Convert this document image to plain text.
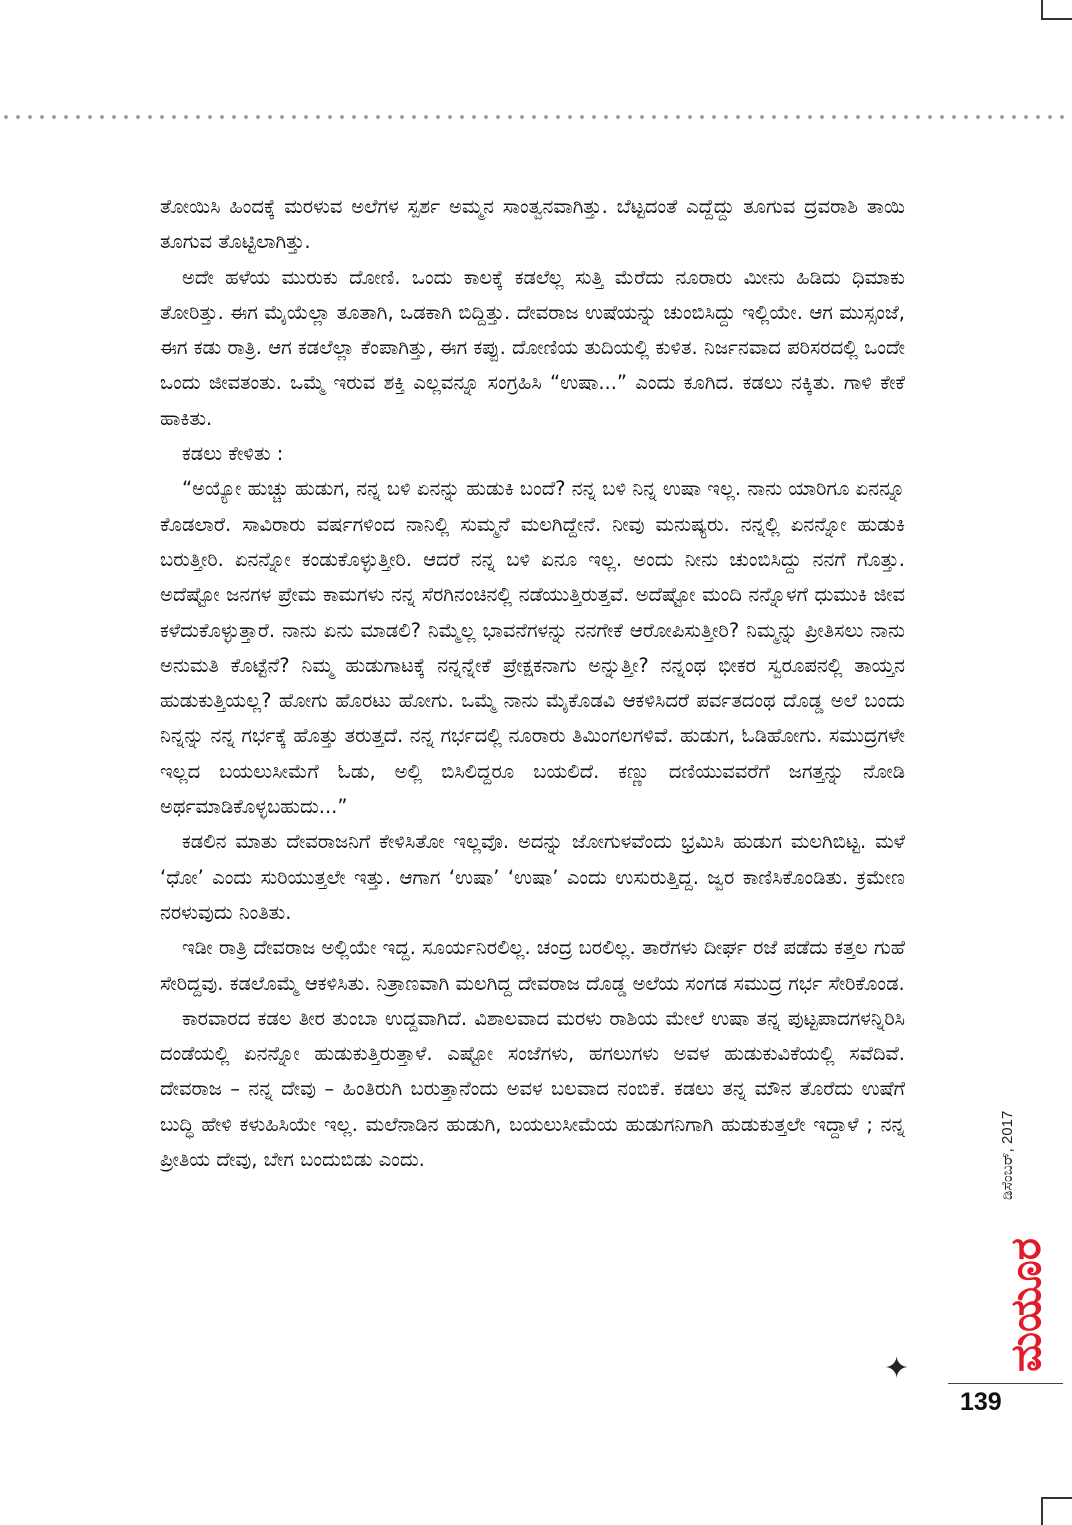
ತೋಯಿಸಿ ಹಿಂದಕ್ಕೆ ಮರಳುವ ಅಲೆಗಳ ಸ್ಪರ್ಶ ಅಮ್ಮನ ಸಾಂತ್ವನವಾಗಿತ್ತು. ಬೆಟ್ಟದಂತೆ ಎದ್ದೆದ್ದು ತೂಗುವ ದ್ರವರಾಶಿ ತಾಯಿ ತೂಗುವ ತೊಟ್ಟಿಲಾಗಿತ್ತು.

ಅದೇ ಹಳೆಯ ಮುರುಕು ದೋಣಿ. ಒಂದು ಕಾಲಕ್ಕೆ ಕಡಲೆಲ್ಲ ಸುತ್ತಿ ಮೆರೆದು ನೂರಾರು ಮೀನು ಹಿಡಿದು ಧಿಮಾಕು ತೋರಿತ್ತು. ಈಗ ಮೈಯೆಲ್ಲಾ ತೂತಾಗಿ, ಒಡಕಾಗಿ ಬಿದ್ದಿತ್ತು. ದೇವರಾಜ ಉಷೆಯನ್ನು ಚುಂಬಿಸಿದ್ದು ಇಲ್ಲಿಯೇ. ಆಗ ಮುಸ್ಸಂಜೆ, ಈಗ ಕಡು ರಾತ್ರಿ. ಆಗ ಕಡಲೆಲ್ಲಾ ಕೆಂಪಾಗಿತ್ತು, ಈಗ ಕಪ್ಪು. ದೋಣಿಯ ತುದಿಯಲ್ಲಿ ಕುಳಿತ. ನಿರ್ಜನವಾದ ಪರಿಸರದಲ್ಲಿ ಒಂದೇ ಒಂದು ಜೀವತಂತು. ಒಮ್ಮೆ ಇರುವ ಶಕ್ತಿ ಎಲ್ಲವನ್ನೂ ಸಂಗ್ರಹಿಸಿ “ಉಷಾ...” ಎಂದು ಕೂಗಿದ. ಕಡಲು ನಕ್ಕಿತು. ಗಾಳಿ ಕೇಕೆ ಹಾಕಿತು.

ಕಡಲು ಕೇಳಿತು :

“ಅಯ್ಯೋ ಹುಚ್ಚು ಹುಡುಗ, ನನ್ನ ಬಳಿ ಏನನ್ನು ಹುಡುಕಿ ಬಂದೆ? ನನ್ನ ಬಳಿ ನಿನ್ನ ಉಷಾ ಇಲ್ಲ. ನಾನು ಯಾರಿಗೂ ಏನನ್ನೂ ಕೊಡಲಾರೆ. ಸಾವಿರಾರು ವರ್ಷಗಳಿಂದ ನಾನಿಲ್ಲಿ ಸುಮ್ಮನೆ ಮಲಗಿದ್ದೇನೆ. ನೀವು ಮನುಷ್ಯರು. ನನ್ನಲ್ಲಿ ಏನನ್ನೋ ಹುಡುಕಿ ಬರುತ್ತೀರಿ. ಏನನ್ನೋ ಕಂಡುಕೊಳ್ಳುತ್ತೀರಿ. ಆದರೆ ನನ್ನ ಬಳಿ ಏನೂ ಇಲ್ಲ. ಅಂದು ನೀನು ಚುಂಬಿಸಿದ್ದು ನನಗೆ ಗೊತ್ತು. ಅದೆಷ್ಟೋ ಜನಗಳ ಪ್ರೇಮ ಕಾಮಗಳು ನನ್ನ ಸೆರಗಿನಂಚಿನಲ್ಲಿ ನಡೆಯುತ್ತಿರುತ್ತವೆ. ಅದೆಷ್ಟೋ ಮಂದಿ ನನ್ನೊಳಗೆ ಧುಮುಕಿ ಜೀವ ಕಳೆದುಕೊಳ್ಳುತ್ತಾರೆ. ನಾನು ಏನು ಮಾಡಲಿ? ನಿಮ್ಮೆಲ್ಲ ಭಾವನೆಗಳನ್ನು ನನಗೇಕೆ ಆರೋಪಿಸುತ್ತೀರಿ? ನಿಮ್ಮನ್ನು ಪ್ರೀತಿಸಲು ನಾನು ಅನುಮತಿ ಕೊಟ್ಟೆನೆ? ನಿಮ್ಮ ಹುಡುಗಾಟಕ್ಕೆ ನನ್ನನ್ನೇಕೆ ಪ್ರೇಕ್ಷಕನಾಗು ಅನ್ನುತ್ತೀ? ನನ್ನಂಥ ಭೀಕರ ಸ್ವರೂಪನಲ್ಲಿ ತಾಯ್ತನ ಹುಡುಕುತ್ತಿಯಲ್ಲ? ಹೋಗು ಹೊರಟು ಹೋಗು. ಒಮ್ಮೆ ನಾನು ಮೈಕೊಡವಿ ಆಕಳಿಸಿದರೆ ಪರ್ವತದಂಥ ದೊಡ್ಡ ಅಲೆ ಬಂದು ನಿನ್ನನ್ನು ನನ್ನ ಗರ್ಭಕ್ಕೆ ಹೊತ್ತು ತರುತ್ತದೆ. ನನ್ನ ಗರ್ಭದಲ್ಲಿ ನೂರಾರು ತಿಮಿಂಗಲಗಳಿವೆ. ಹುಡುಗ, ಓಡಿಹೋಗು. ಸಮುದ್ರಗಳೇ ಇಲ್ಲದ ಬಯಲುಸೀಮೆಗೆ ಓಡು, ಅಲ್ಲಿ ಬಿಸಿಲಿದ್ದರೂ ಬಯಲಿದೆ. ಕಣ್ಣು ದಣಿಯುವವರೆಗೆ ಜಗತ್ತನ್ನು ನೋಡಿ ಅರ್ಥಮಾಡಿಕೊಳ್ಳಬಹುದು...”

ಕಡಲಿನ ಮಾತು ದೇವರಾಜನಿಗೆ ಕೇಳಿಸಿತೋ ಇಲ್ಲವೊ. ಅದನ್ನು ಜೋಗುಳವೆಂದು ಭ್ರಮಿಸಿ ಹುಡುಗ ಮಲಗಿಬಿಟ್ಟ. ಮಳೆ ‘ಧೋ’ ಎಂದು ಸುರಿಯುತ್ತಲೇ ಇತ್ತು. ಆಗಾಗ ‘ಉಷಾ’ ‘ಉಷಾ’ ಎಂದು ಉಸುರುತ್ತಿದ್ದ. ಜ್ವರ ಕಾಣಿಸಿಕೊಂಡಿತು. ಕ್ರಮೇಣ ನರಳುವುದು ನಿಂತಿತು.

ಇಡೀ ರಾತ್ರಿ ದೇವರಾಜ ಅಲ್ಲಿಯೇ ಇದ್ದ. ಸೂರ್ಯನಿರಲಿಲ್ಲ. ಚಂದ್ರ ಬರಲಿಲ್ಲ. ತಾರೆಗಳು ದೀರ್ಘ ರಜೆ ಪಡೆದು ಕತ್ತಲ ಗುಹೆ ಸೇರಿದ್ದವು. ಕಡಲೊಮ್ಮೆ ಆಕಳಿಸಿತು. ನಿತ್ರಾಣವಾಗಿ ಮಲಗಿದ್ದ ದೇವರಾಜ ದೊಡ್ಡ ಅಲೆಯ ಸಂಗಡ ಸಮುದ್ರ ಗರ್ಭ ಸೇರಿಕೊಂಡ.

ಕಾರವಾರದ ಕಡಲ ತೀರ ತುಂಬಾ ಉದ್ದವಾಗಿದೆ. ವಿಶಾಲವಾದ ಮರಳು ರಾಶಿಯ ಮೇಲೆ ಉಷಾ ತನ್ನ ಪುಟ್ಟಪಾದಗಳನ್ನಿರಿಸಿ ದಂಡೆಯಲ್ಲಿ ಏನನ್ನೋ ಹುಡುಕುತ್ತಿರುತ್ತಾಳೆ. ಎಷ್ಟೋ ಸಂಜೆಗಳು, ಹಗಲುಗಳು ಅವಳ ಹುಡುಕುವಿಕೆಯಲ್ಲಿ ಸವೆದಿವೆ. ದೇವರಾಜ – ನನ್ನ ದೇವು – ಹಿಂತಿರುಗಿ ಬರುತ್ತಾನೆಂದು ಅವಳ ಬಲವಾದ ನಂಬಿಕೆ. ಕಡಲು ತನ್ನ ಮೌನ ತೊರೆದು ಉಷೆಗೆ ಬುದ್ಧಿ ಹೇಳಿ ಕಳುಹಿಸಿಯೇ ಇಲ್ಲ. ಮಲೆನಾಡಿನ ಹುಡುಗಿ, ಬಯಲುಸೀಮೆಯ ಹುಡುಗನಿಗಾಗಿ ಹುಡುಕುತ್ತಲೇ ಇದ್ದಾಳೆ ; ನನ್ನ ಪ್ರೀತಿಯ ದೇವು, ಬೇಗ ಬಂದುಬಿಡು ಎಂದು.

✦
ಡಿಸೆಂಬರ್, 2017
ಮಯೂರ
139
